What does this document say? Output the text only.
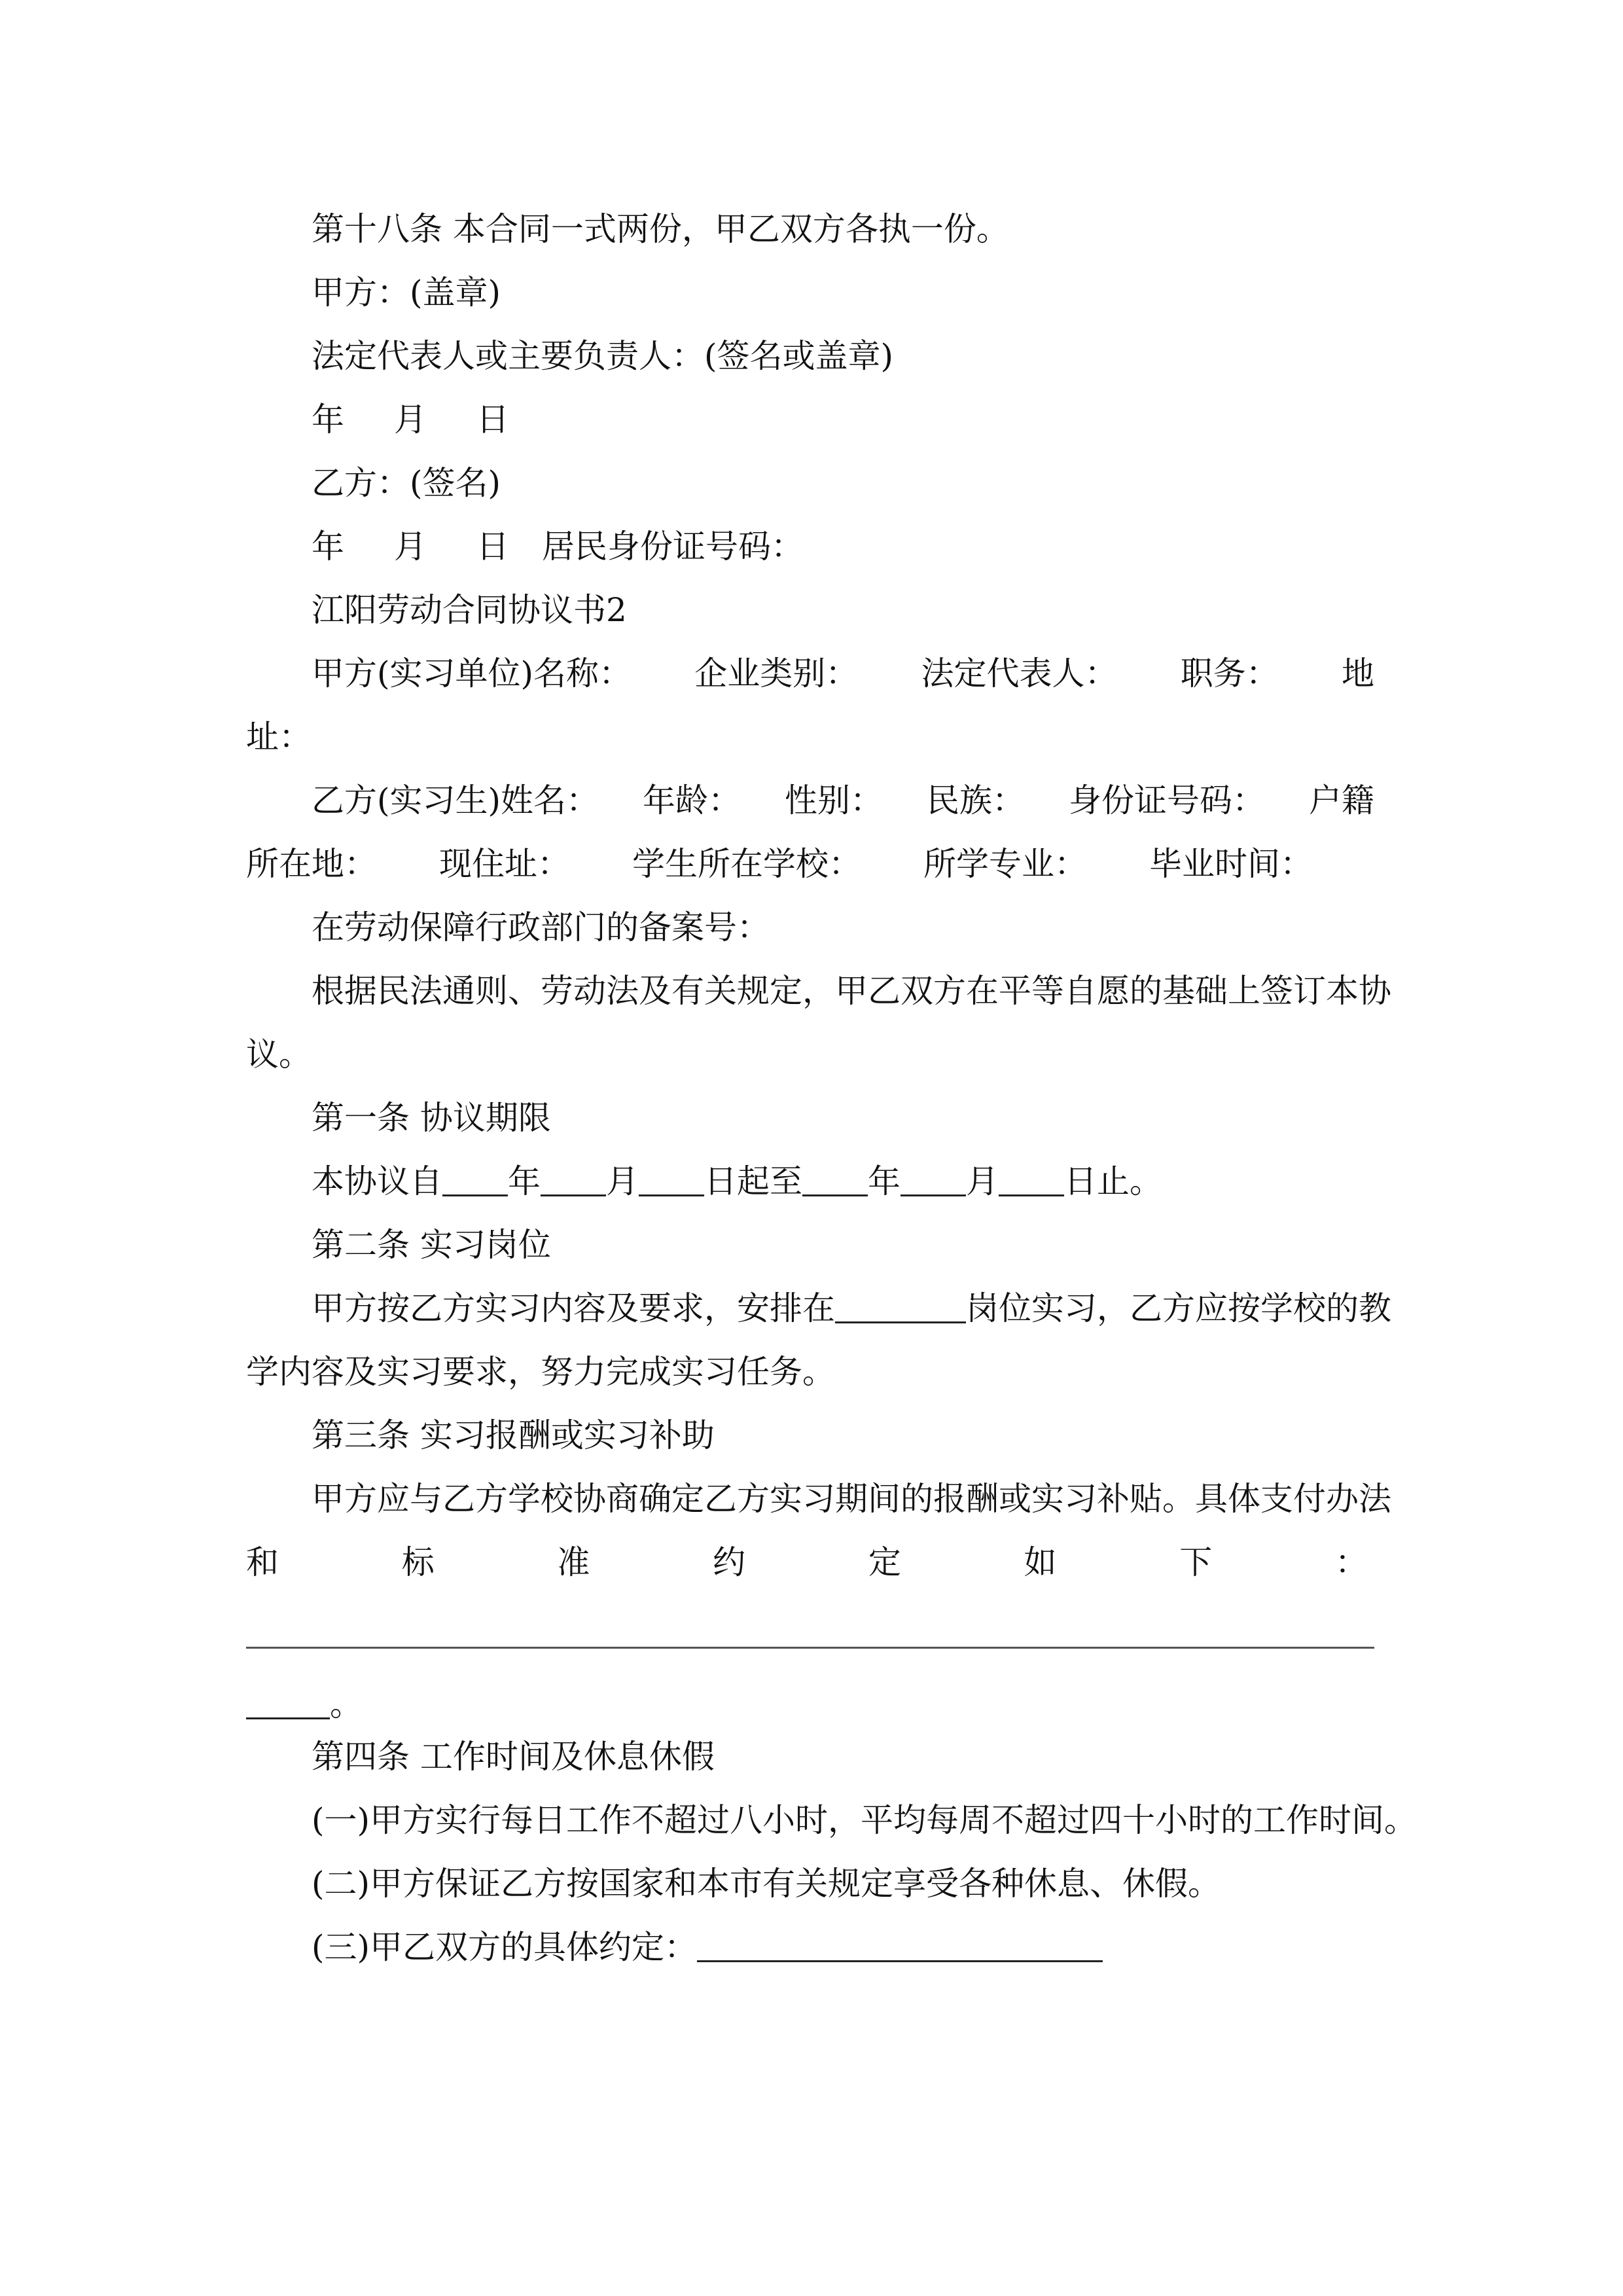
第十八条 本合同一式两份，甲乙双方各执一份。
甲方：(盖章)
法定代表人或主要负责人：(签名或盖章)
年 月 日
乙方：(签名)
年 月 日 居民身份证号码：
江阳劳动合同协议书2
甲方(实习单位)名称： 企业类别： 法定代表人： 职务： 地
址：
乙方(实习生)姓名： 年龄： 性别： 民族： 身份证号码： 户籍
所在地： 现住址： 学生所在学校： 所学专业： 毕业时间：
在劳动保障行政部门的备案号：
根据民法通则、劳动法及有关规定，甲乙双方在平等自愿的基础上签订本协
议。
第一条 协议期限
本协议自 年 月 日起至 年 月 日止。
第二条 实习岗位
甲方按乙方实习内容及要求，安排在	岗位实习，乙方应按学校的教
学内容及实习要求，努力完成实习任务。
第三条 实习报酬或实习补助
甲方应与乙方学校协商确定乙方实习期间的报酬或实习补贴。具体支付办法
和	标	准	约	定	如	下	：
。
第四条 工作时间及休息休假
(一)甲方实行每日工作不超过八小时，平均每周不超过四十小时的工作时间。
(二)甲方保证乙方按国家和本市有关规定享受各种休息、休假。
(三)甲乙双方的具体约定：
